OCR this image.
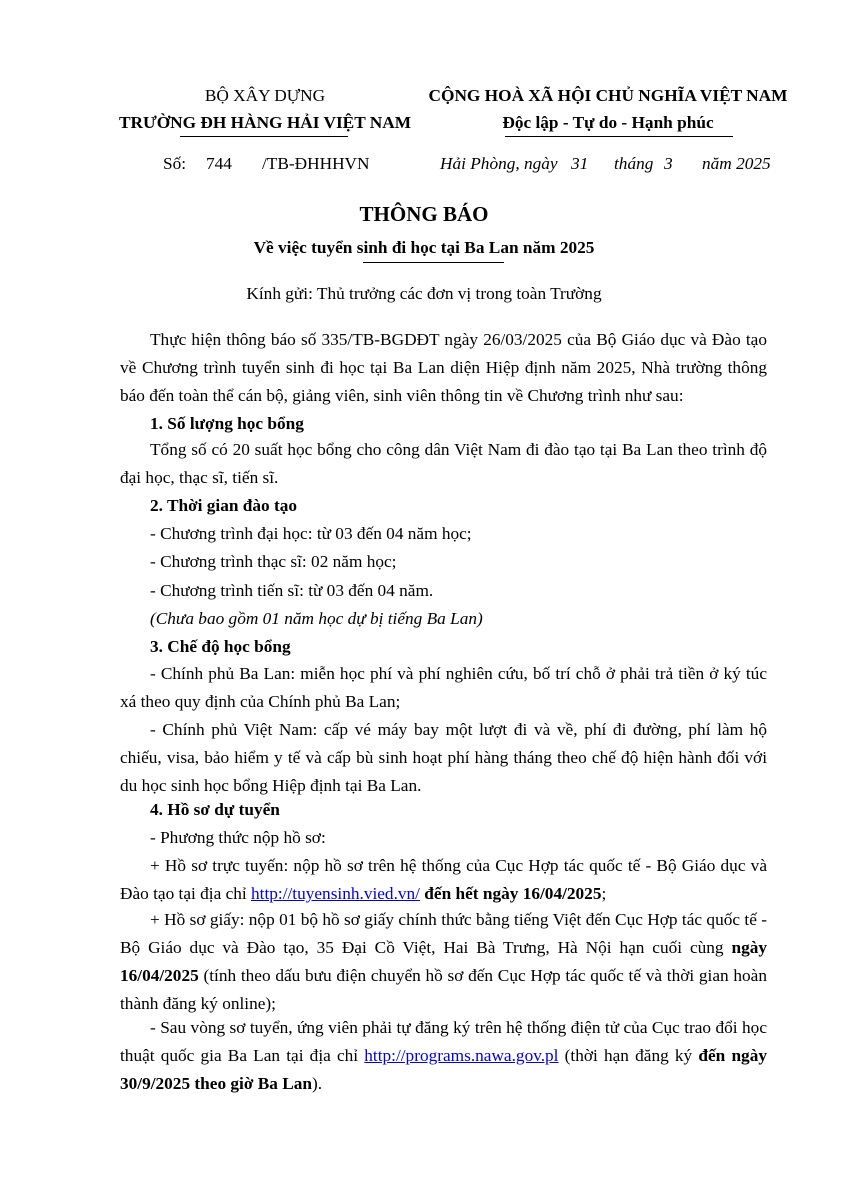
BỘ XÂY DỰNG
TRƯỜNG ĐH HÀNG HẢI VIỆT NAM
CỘNG HOÀ XÃ HỘI CHỦ NGHĨA VIỆT NAM
Độc lập - Tự do - Hạnh phúc
Số: 744 /TB-ĐHHHVN	Hải Phòng, ngày 31 tháng 3 năm 2025
THÔNG BÁO
Về việc tuyển sinh đi học tại Ba Lan năm 2025
Kính gửi: Thủ trưởng các đơn vị trong toàn Trường
Thực hiện thông báo số 335/TB-BGDĐT ngày 26/03/2025 của Bộ Giáo dục và Đào tạo về Chương trình tuyển sinh đi học tại Ba Lan diện Hiệp định năm 2025, Nhà trường thông báo đến toàn thể cán bộ, giảng viên, sinh viên thông tin về Chương trình như sau:
1. Số lượng học bổng
Tổng số có 20 suất học bổng cho công dân Việt Nam đi đào tạo tại Ba Lan theo trình độ đại học, thạc sĩ, tiến sĩ.
2. Thời gian đào tạo
- Chương trình đại học: từ 03 đến 04 năm học;
- Chương trình thạc sĩ: 02 năm học;
- Chương trình tiến sĩ: từ 03 đến 04 năm.
(Chưa bao gồm 01 năm học dự bị tiếng Ba Lan)
3. Chế độ học bổng
- Chính phủ Ba Lan: miễn học phí và phí nghiên cứu, bố trí chỗ ở phải trả tiền ở ký túc xá theo quy định của Chính phủ Ba Lan;
- Chính phủ Việt Nam: cấp vé máy bay một lượt đi và về, phí đi đường, phí làm hộ chiếu, visa, bảo hiểm y tế và cấp bù sinh hoạt phí hàng tháng theo chế độ hiện hành đối với du học sinh học bổng Hiệp định tại Ba Lan.
4. Hồ sơ dự tuyển
- Phương thức nộp hồ sơ:
+ Hồ sơ trực tuyến: nộp hồ sơ trên hệ thống của Cục Hợp tác quốc tế - Bộ Giáo dục và Đào tạo tại địa chỉ http://tuyensinh.vied.vn/ đến hết ngày 16/04/2025;
+ Hồ sơ giấy: nộp 01 bộ hồ sơ giấy chính thức bằng tiếng Việt đến Cục Hợp tác quốc tế - Bộ Giáo dục và Đào tạo, 35 Đại Cồ Việt, Hai Bà Trưng, Hà Nội hạn cuối cùng ngày 16/04/2025 (tính theo dấu bưu điện chuyển hồ sơ đến Cục Hợp tác quốc tế và thời gian hoàn thành đăng ký online);
- Sau vòng sơ tuyển, ứng viên phải tự đăng ký trên hệ thống điện tử của Cục trao đổi học thuật quốc gia Ba Lan tại địa chỉ http://programs.nawa.gov.pl (thời hạn đăng ký đến ngày 30/9/2025 theo giờ Ba Lan).
